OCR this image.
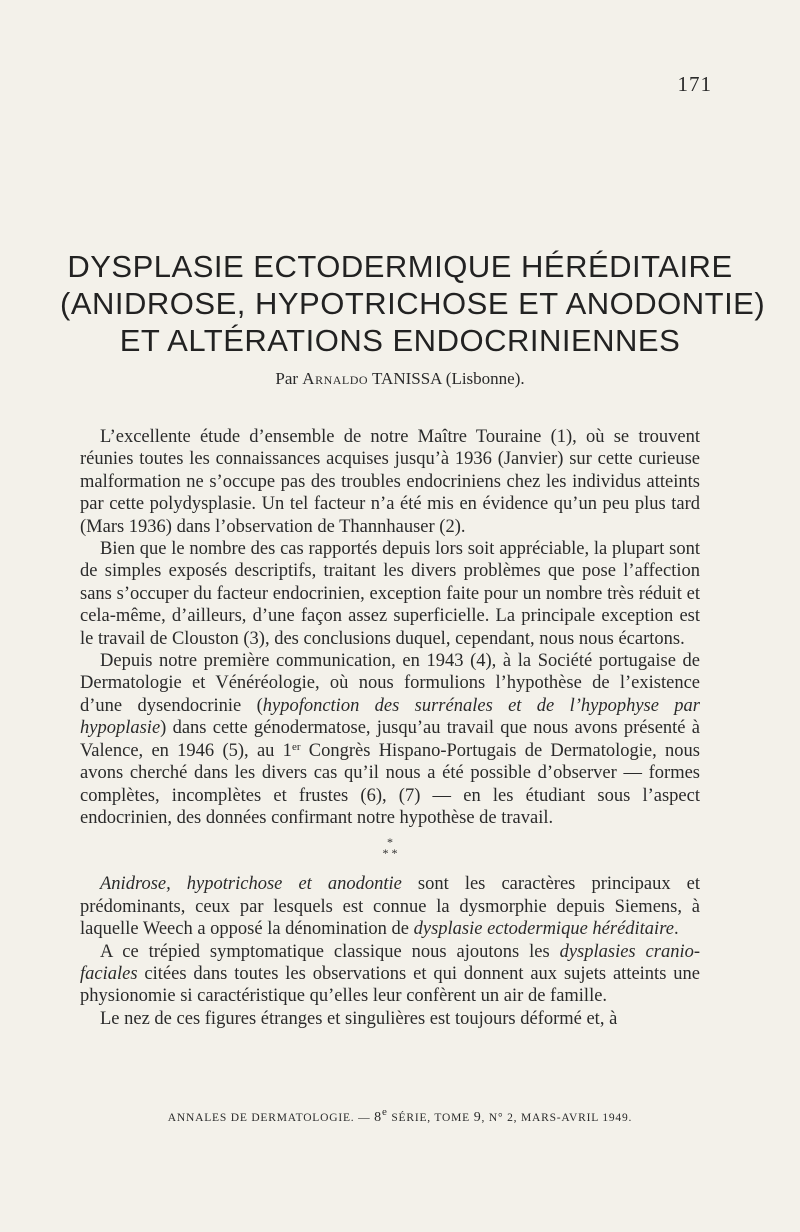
171
DYSPLASIE ECTODERMIQUE HÉRÉDITAIRE
(ANIDROSE, HYPOTRICHOSE ET ANODONTIE)
ET ALTÉRATIONS ENDOCRINIENNES
Par Arnaldo TANISSA (Lisbonne).

L’excellente étude d’ensemble de notre Maître Touraine (1), où se trouvent réunies toutes les connaissances acquises jusqu’à 1936 (Janvier) sur cette curieuse malformation ne s’occupe pas des troubles endocriniens chez les individus atteints par cette polydysplasie. Un tel facteur n’a été mis en évidence qu’un peu plus tard (Mars 1936) dans l’observation de Thannhauser (2).

Bien que le nombre des cas rapportés depuis lors soit appréciable, la plupart sont de simples exposés descriptifs, traitant les divers problèmes que pose l’affection sans s’occuper du facteur endocrinien, exception faite pour un nombre très réduit et cela-même, d’ailleurs, d’une façon assez superficielle. La principale exception est le travail de Clouston (3), des conclusions duquel, cependant, nous nous écartons.

Depuis notre première communication, en 1943 (4), à la Société portugaise de Dermatologie et Vénéréologie, où nous formulions l’hypothèse de l’existence d’une dysendocrinie (hypofonction des surrénales et de l’hypophyse par hypoplasie) dans cette génodermatose, jusqu’au travail que nous avons présenté à Valence, en 1946 (5), au 1er Congrès Hispano-Portugais de Dermatologie, nous avons cherché dans les divers cas qu’il nous a été possible d’observer — formes complètes, incomplètes et frustes (6), (7) — en les étudiant sous l’aspect endocrinien, des données confirmant notre hypothèse de travail.

*
* *

Anidrose, hypotrichose et anodontie sont les caractères principaux et prédominants, ceux par lesquels est connue la dysmorphie depuis Siemens, à laquelle Weech a opposé la dénomination de dysplasie ectodermique héréditaire.

A ce trépied symptomatique classique nous ajoutons les dysplasies cranio-faciales citées dans toutes les observations et qui donnent aux sujets atteints une physionomie si caractéristique qu’elles leur confèrent un air de famille.

Le nez de ces figures étranges et singulières est toujours déformé et, à

ANNALES DE DERMATOLOGIE. — 8e SÉRIE, TOME 9, N° 2, MARS-AVRIL 1949.
